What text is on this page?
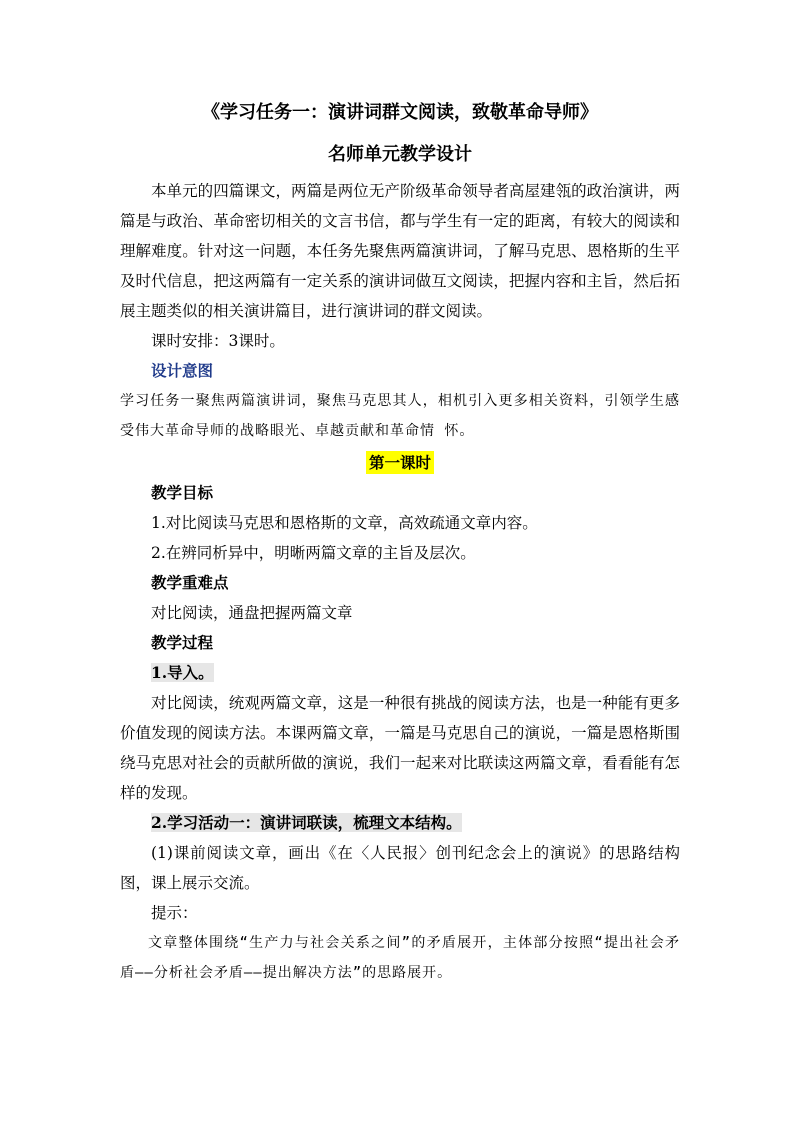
《学习任务一：演讲词群文阅读，致敬革命导师》
名师单元教学设计

本单元的四篇课文，两篇是两位无产阶级革命领导者高屋建瓴的政治演讲，两篇是与政治、革命密切相关的文言书信，都与学生有一定的距离，有较大的阅读和理解难度。针对这一问题，本任务先聚焦两篇演讲词，了解马克思、恩格斯的生平及时代信息，把这两篇有一定关系的演讲词做互文阅读，把握内容和主旨，然后拓展主题类似的相关演讲篇目，进行演讲词的群文阅读。

课时安排：3课时。

设计意图

学习任务一聚焦两篇演讲词，聚焦马克思其人，相机引入更多相关资料，引领学生感受伟大革命导师的战略眼光、卓越贡献和革命情 怀。

第一课时
教学目标

1.对比阅读马克思和恩格斯的文章，高效疏通文章内容。

2.在辨同析异中，明晰两篇文章的主旨及层次。

教学重难点

对比阅读，通盘把握两篇文章

教学过程
1.导入。

对比阅读，统观两篇文章，这是一种很有挑战的阅读方法，也是一种能有更多价值发现的阅读方法。本课两篇文章，一篇是马克思自己的演说，一篇是恩格斯围绕马克思对社会的贡献所做的演说，我们一起来对比联读这两篇文章，看看能有怎样的发现。

2.学习活动一：演讲词联读，梳理文本结构。

(1)课前阅读文章，画出《在〈人民报〉创刊纪念会上的演说》的思路结构图，课上展示交流。

提示：

文章整体围绕“生产力与社会关系之间”的矛盾展开，主体部分按照“提出社会矛盾——分析社会矛盾——提出解决方法”的思路展开。
